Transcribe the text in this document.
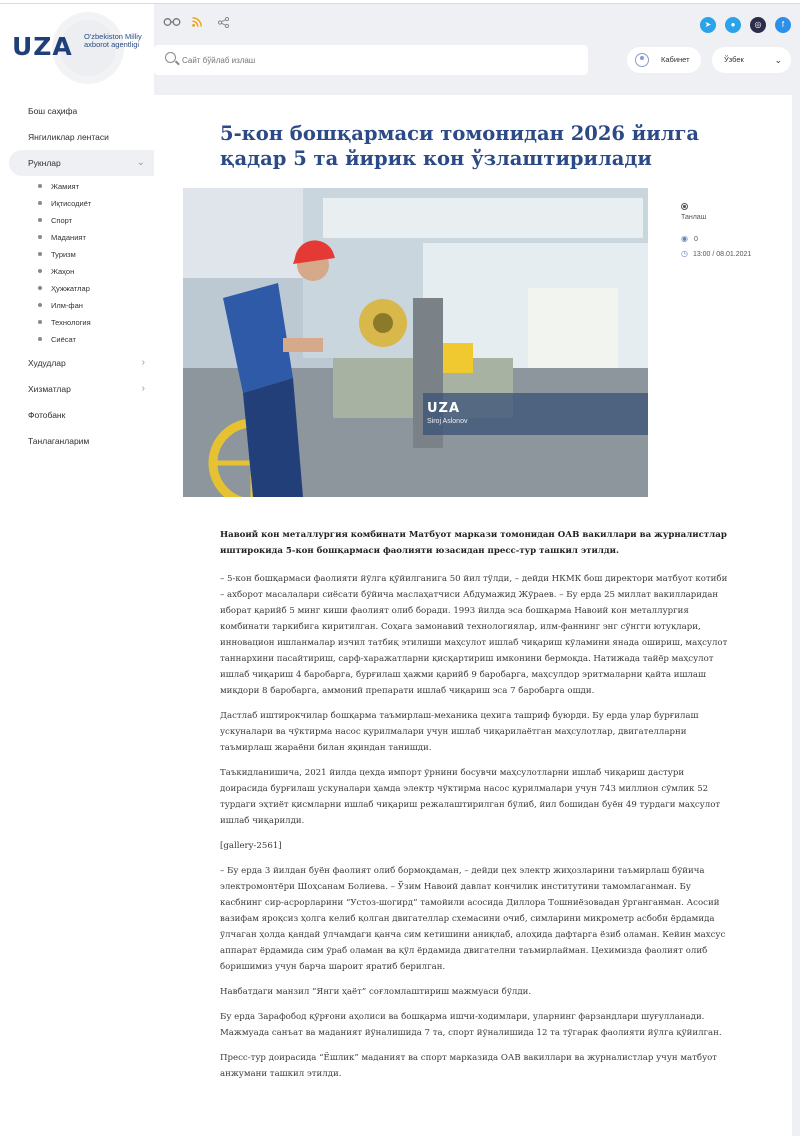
UZA O'zbekiston Milliy axborot agentligi
Бош саҳифа
Янгиликлар лентаси
Рукнлар	⌄
Жамият
Иқтисодиёт
Спорт
Маданият
Туризм
Жаҳон
Ҳужжатлар
Илм-фан
Технология
Сиёсат
Худудлар	›
Хизматлар	›
Фотобанк
Танлаганларим
➤	●	◎	f
Сайт бўйлаб излаш
Кабинет	Ўзбек	⌄
5-кон бошқармаси томонидан 2026 йилга қадар 5 та йирик кон ўзлаштирилади
UZA
Siroj Aslonov
Танлаш
◉ 0
◷ 13:00 / 08.01.2021

Навоий кон металлургия комбинати Матбуот маркази томонидан ОАВ вакиллари ва журналистлар иштирокида 5-кон бошқармаси фаолияти юзасидан пресс-тур ташкил этилди.

– 5-кон бошқармаси фаолияти йўлга қўйилганига 50 йил тўлди, – дейди НКМК бош директори матбуот котиби – ахборот масалалари сиёсати бўйича маслаҳатчиси Абдумажид Жўраев. – Бу ерда 25 миллат вакилларидан иборат қарийб 5 минг киши фаолият олиб боради. 1993 йилда эса бошқарма Навоий кон металлургия комбинати таркибига киритилган. Соҳага замонавий технологиялар, илм-фаннинг энг сўнгги ютуқлари, инновацион ишланмалар изчил татбиқ этилиши маҳсулот ишлаб чиқариш кўламини янада ошириш, маҳсулот таннархини пасайтириш, сарф-харажатларни қисқартириш имконини бермоқда. Натижада тайёр маҳсулот ишлаб чиқариш 4 баробарга, бурғилаш ҳажми қарийб 9 баробарга, маҳсулдор эритмаларни қайта ишлаш миқдори 8 баробарга, аммоний препарати ишлаб чиқариш эса 7 баробарга ошди.

Дастлаб иштирокчилар бошқарма таъмирлаш-механика цехига ташриф буюрди. Бу ерда улар бурғилаш ускуналари ва чўктирма насос қурилмалари учун ишлаб чиқарилаётган маҳсулотлар, двигателларни таъмирлаш жараёни билан яқиндан танишди.

Таъкидланишича, 2021 йилда цехда импорт ўрнини босувчи маҳсулотларни ишлаб чиқариш дастури доирасида бурғилаш ускуналари ҳамда электр чўктирма насос қурилмалари учун 743 миллион сўмлик 52 турдаги эҳтиёт қисмларни ишлаб чиқариш режалаштирилган бўлиб, йил бошидан буён 49 турдаги маҳсулот ишлаб чиқарилди.

[gallery-2561]

– Бу ерда 3 йилдан буён фаолият олиб бормоқдаман, – дейди цех электр жиҳозларини таъмирлаш бўйича электромонтёри Шоҳсанам Болиева. – Ўзим Навоий давлат кончилик институтини тамомлаганман. Бу касбнинг сир-асрорларини “Устоз-шогирд” тамойили асосида Диллора Тошниёзовадан ўрганганман. Асосий вазифам яроқсиз ҳолга келиб қолган двигателлар схемасини очиб, симларини микрометр асбоби ёрдамида ўлчаган ҳолда қандай ўлчамдаги қанча сим кетишини аниқлаб, алоҳида дафтарга ёзиб оламан. Кейин махсус аппарат ёрдамида сим ўраб оламан ва қўл ёрдамида двигателни таъмирлайман. Цехимизда фаолият олиб боришимиз учун барча шароит яратиб берилган.

Навбатдаги манзил “Янги ҳаёт” соғломлаштириш мажмуаси бўлди.

Бу ерда Зарафобод қўрғони аҳолиси ва бошқарма ишчи-ходимлари, уларнинг фарзандлари шуғулланади. Мажмуада санъат ва маданият йўналишида 7 та, спорт йўналишида 12 та тўгарак фаолияти йўлга қўйилган.

Пресс-тур доирасида “Ёшлик” маданият ва спорт марказида ОАВ вакиллари ва журналистлар учун матбуот анжумани ташкил этилди.
